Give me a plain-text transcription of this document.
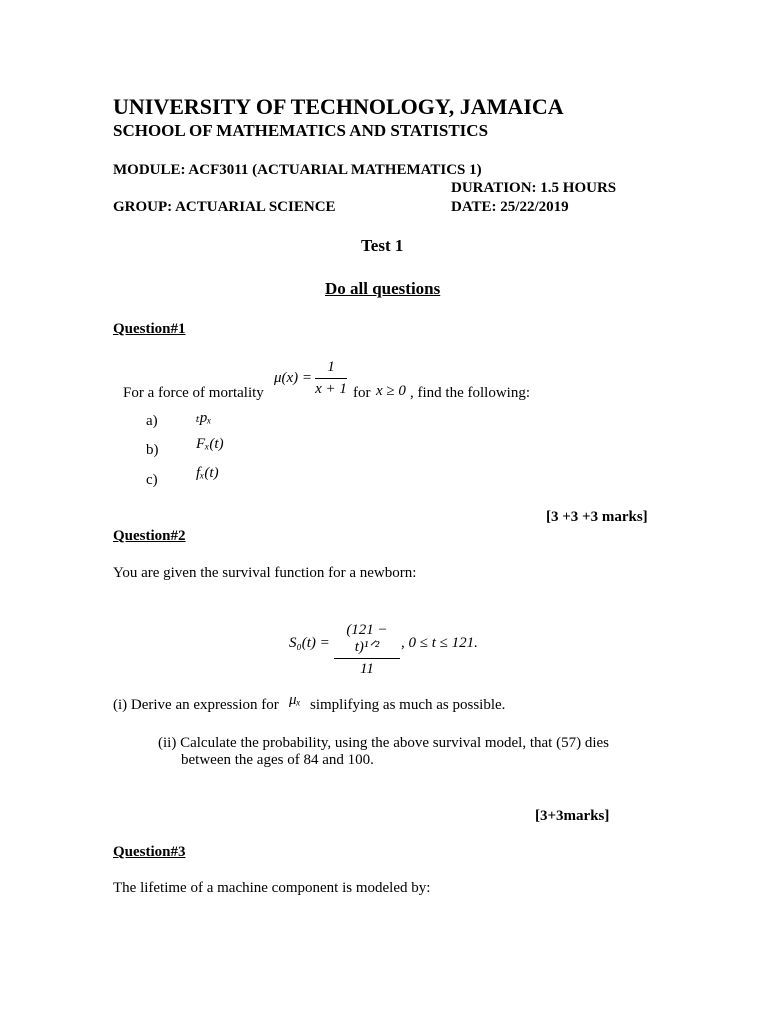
UNIVERSITY OF TECHNOLOGY, JAMAICA
SCHOOL OF MATHEMATICS AND STATISTICS
MODULE: ACF3011 (ACTUARIAL MATHEMATICS 1)
DURATION: 1.5 HOURS
GROUP: ACTUARIAL SCIENCE	DATE: 25/22/2019
Test 1
Do all questions
Question#1
For a force of mortality
μ(x) =
1
x + 1 for x ≥ 0 , find the following:
a)	ₜpₓ
b)	Fₓ(t)
c)	fₓ(t)
[3 +3 +3 marks]
Question#2
You are given the survival function for a newborn:
S₀(t) =
(121 − t)¹ᐟ²
11
, 0 ≤ t ≤ 121.
(i) Derive an expression for μₓ simplifying as much as possible.
(ii) Calculate the probability, using the above survival model, that (57) dies
between the ages of 84 and 100.
[3+3marks]
Question#3
The lifetime of a machine component is modeled by:
